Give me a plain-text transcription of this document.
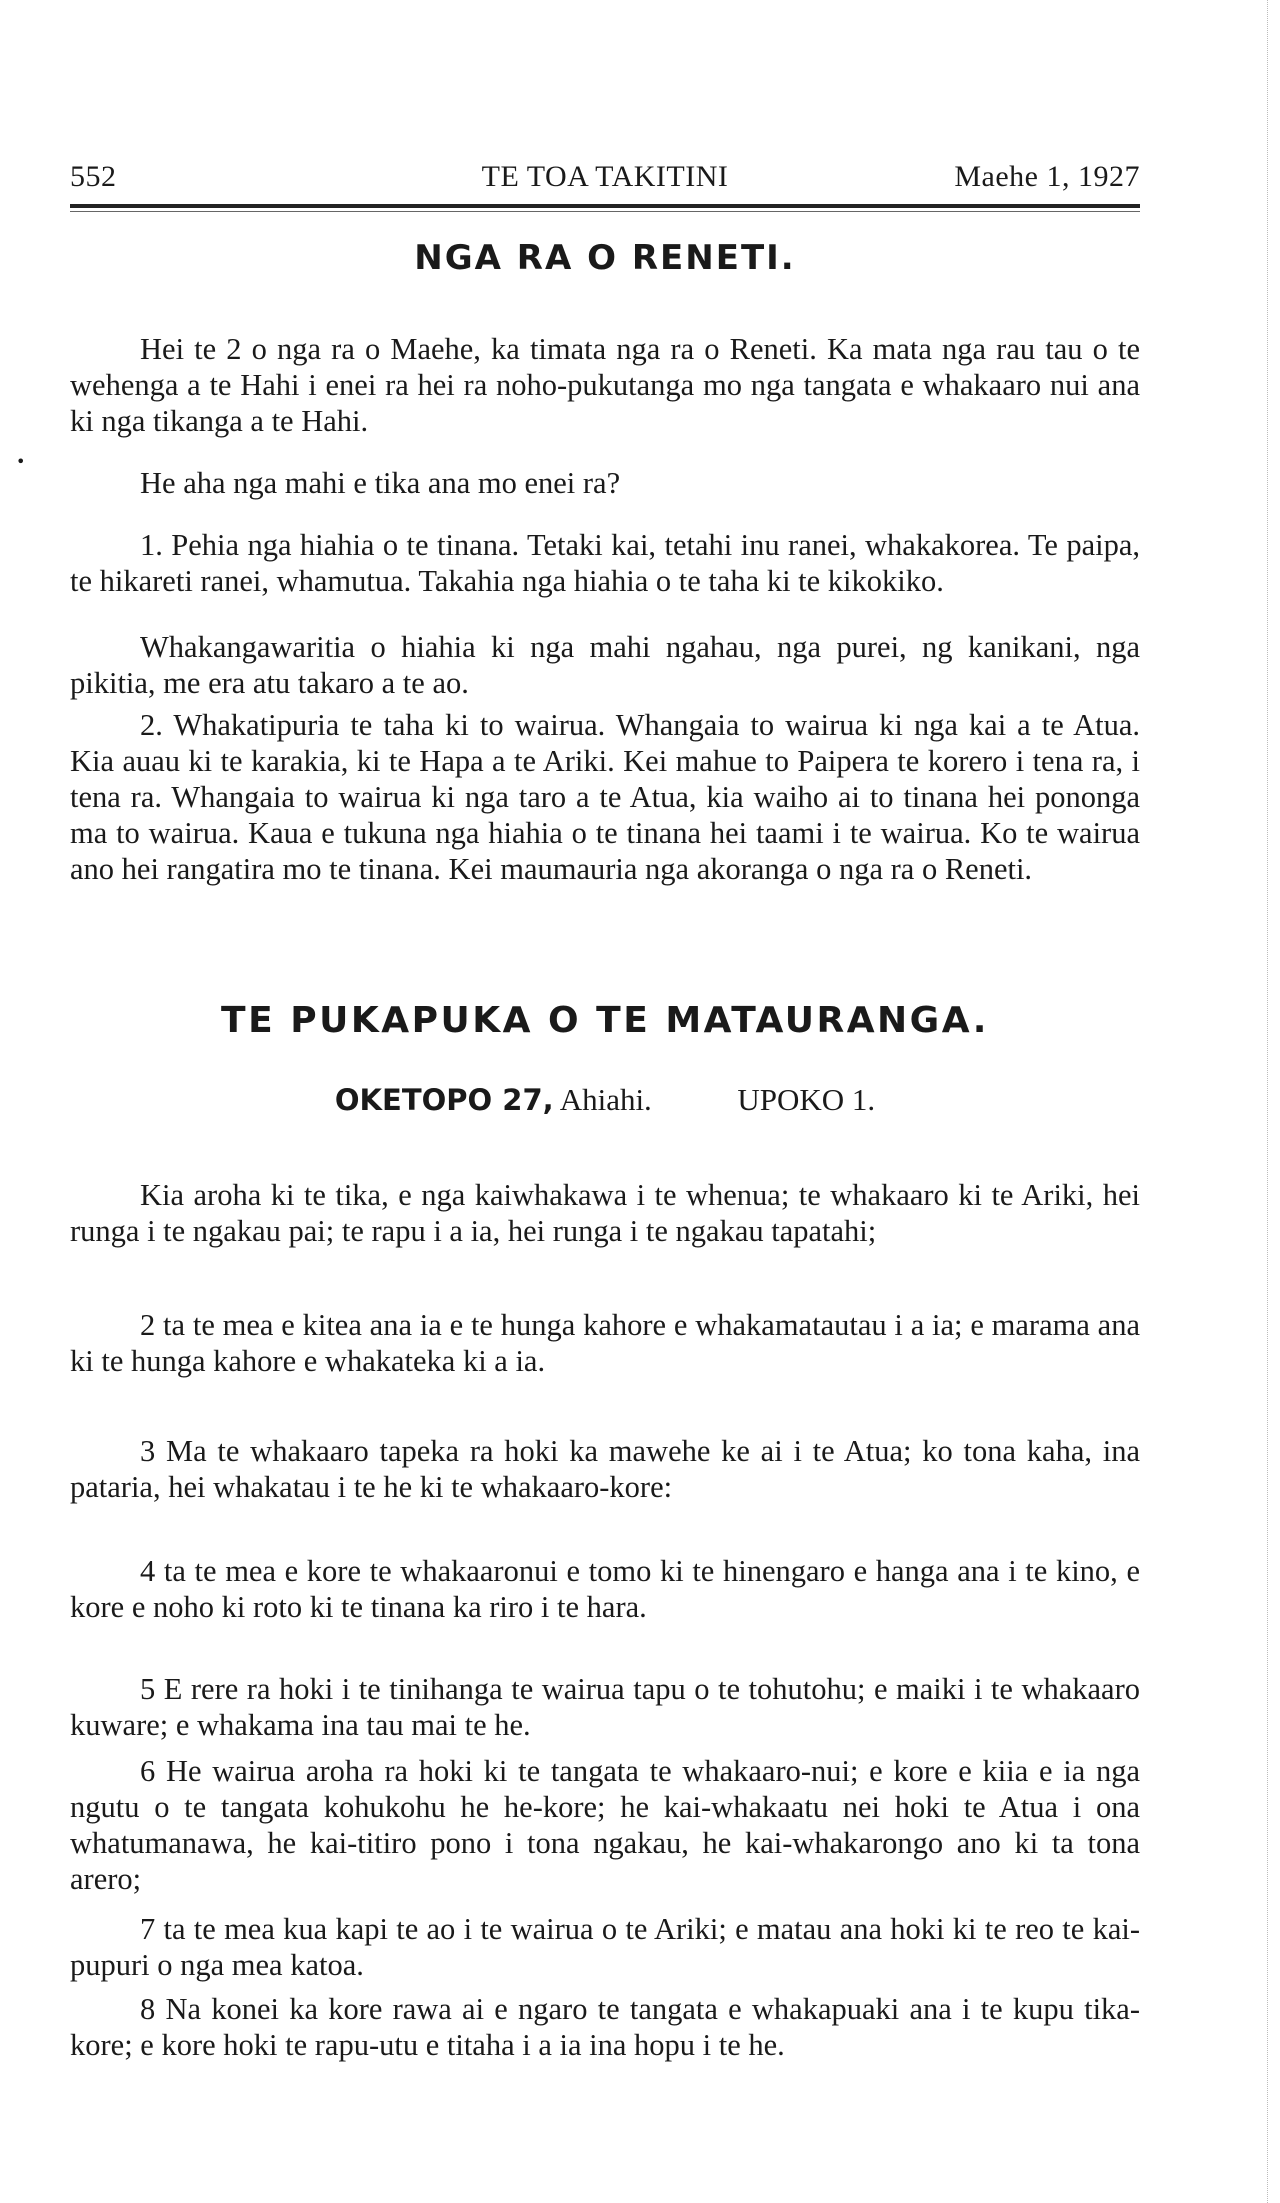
•
552	TE TOA TAKITINI	Maehe 1, 1927
NGA RA O RENETI.

Hei te 2 o nga ra o Maehe, ka timata nga ra o Reneti. Ka mata nga rau tau o te wehenga a te Hahi i enei ra hei ra noho-pukutanga mo nga tangata e whakaaro nui ana ki nga tikanga a te Hahi.

He aha nga mahi e tika ana mo enei ra?

1. Pehia nga hiahia o te tinana. Tetaki kai, tetahi inu ranei, whakakorea. Te paipa, te hikareti ranei, whamutua. Takahia nga hiahia o te taha ki te kikokiko.

Whakangawaritia o hiahia ki nga mahi ngahau, nga purei, ng kanikani, nga pikitia, me era atu takaro a te ao.

2. Whakatipuria te taha ki to wairua. Whangaia to wairua ki nga kai a te Atua. Kia auau ki te karakia, ki te Hapa a te Ariki. Kei mahue to Paipera te korero i tena ra, i tena ra. Whangaia to wairua ki nga taro a te Atua, kia waiho ai to tinana hei ponongа ma to wairua. Kaua e tukuna nga hiahia o te tinana hei taami i te wairua. Ko te wairua ano hei rangatira mo te tinana. Kei maumauria nga akoranga o nga ra o Reneti.

TE PUKAPUKA O TE MATAURANGA.
OKETOPO 27, Ahiahi.	UPOKO 1.

Kia aroha ki te tika, e nga kaiwhakawa i te whenua; te whakaaro ki te Ariki, hei runga i te ngakau pai; te rapu i a ia, hei runga i te ngakau tapatahi;

2 ta te mea e kitea ana ia e te hunga kahore e whakamatautau i a ia; e marama ana ki te hunga kahore e whakateka ki a ia.

3 Ma te whakaaro tapeka ra hoki ka mawehe ke ai i te Atua; ko tona kaha, ina pataria, hei whakatau i te he ki te whakaaro-kore:

4 ta te mea e kore te whakaaronui e tomo ki te hinengaro e hanga ana i te kino, e kore e noho ki roto ki te tinana ka riro i te hara.

5 E rere ra hoki i te tinihanga te wairua tapu o te tohutohu; e maiki i te whakaaro kuware; e whakama ina tau mai te he.

6 He wairua aroha ra hoki ki te tangata te whakaaro-nui; e kore e kiia e ia nga ngutu o te tangata kohukohu he he-kore; he kai-whakaatu nei hoki te Atua i ona whatumanawa, he kai-titiro pono i tona ngakau, he kai-whakarongo ano ki ta tona arero;

7 ta te mea kua kapi te ao i te wairua o te Ariki; e matau ana hoki ki te reo te kai-pupuri o nga mea katoa.

8 Na konei ka kore rawa ai e ngaro te tangata e whakapuaki ana i te kupu tika-kore; e kore hoki te rapu-utu e titaha i a ia ina hopu i te he.
